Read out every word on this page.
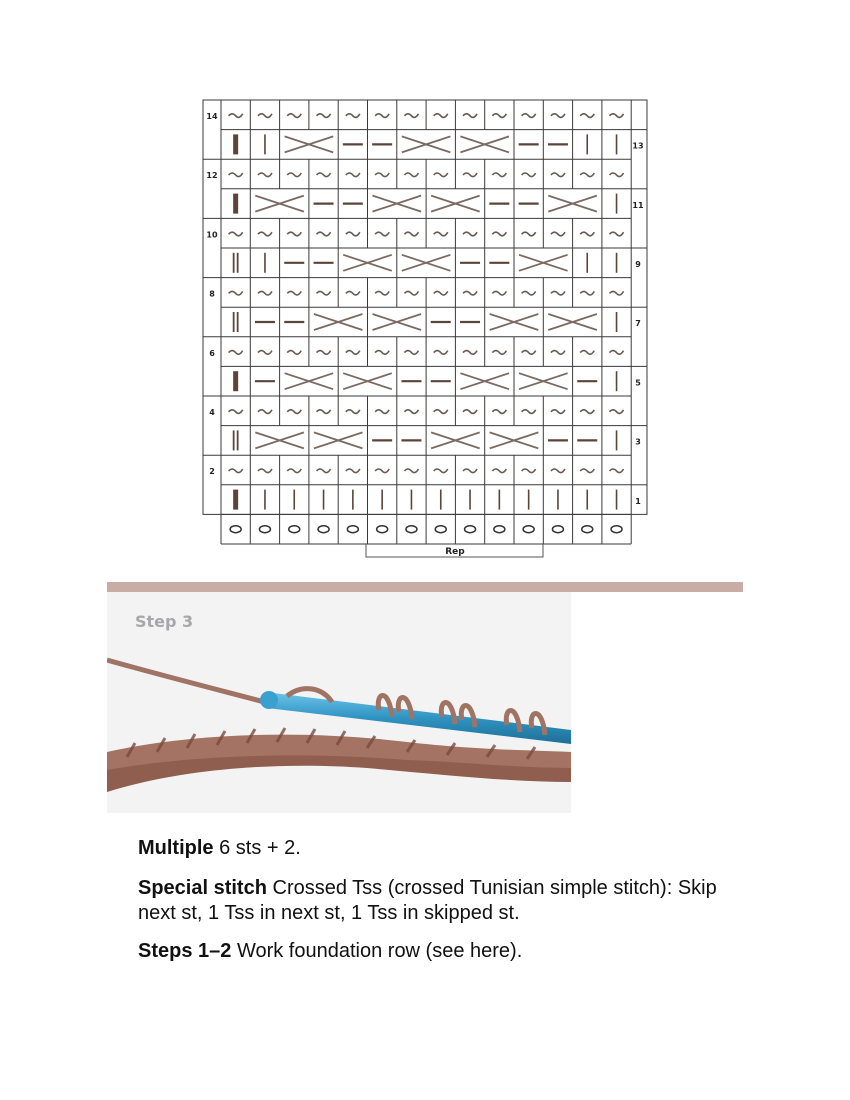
14
13
12
11
10
9
8
7
6
5
4
3
2
1
Rep
Step 3
Multiple 6 sts + 2.
Special stitch Crossed Tss (crossed Tunisian simple stitch): Skip next st, 1 Tss in next st, 1 Tss in skipped st.
Steps 1–2 Work foundation row (see here).
